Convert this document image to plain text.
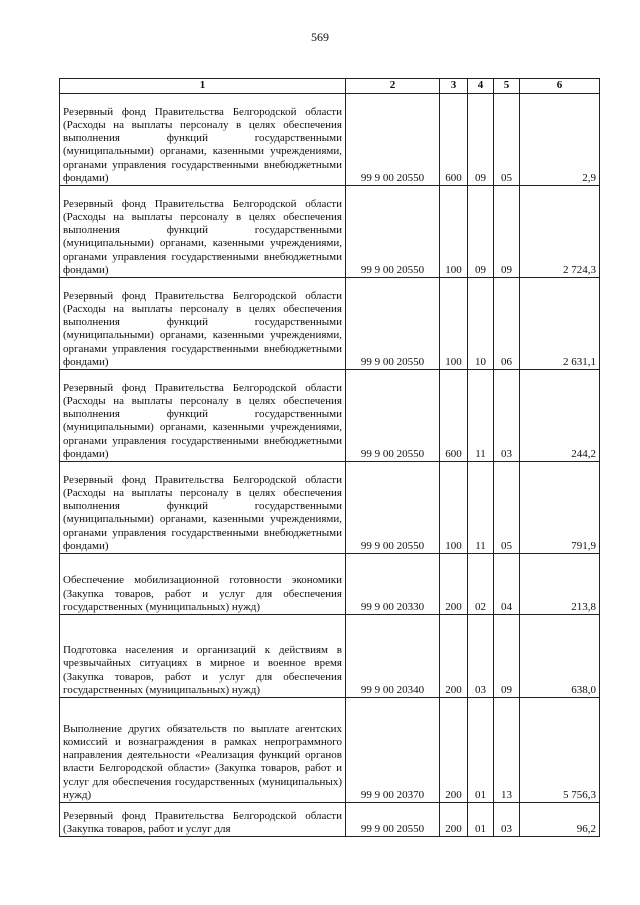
569
1	2	3	4	5	6

Резервный фонд Правительства Белгородской области (Расходы на выплаты персоналу в целях обеспечения выполнения функций государственными (муниципальными) органами, казенными учреждениями, органами управления государственными внебюджетными фондами)	99 9 00 20550	600	09	05	2,9

Резервный фонд Правительства Белгородской области (Расходы на выплаты персоналу в целях обеспечения выполнения функций государственными (муниципальными) органами, казенными учреждениями, органами управления государственными внебюджетными фондами)	99 9 00 20550	100	09	09	2 724,3

Резервный фонд Правительства Белгородской области (Расходы на выплаты персоналу в целях обеспечения выполнения функций государственными (муниципальными) органами, казенными учреждениями, органами управления государственными внебюджетными фондами)	99 9 00 20550	100	10	06	2 631,1

Резервный фонд Правительства Белгородской области (Расходы на выплаты персоналу в целях обеспечения выполнения функций государственными (муниципальными) органами, казенными учреждениями, органами управления государственными внебюджетными фондами)	99 9 00 20550	600	11	03	244,2

Резервный фонд Правительства Белгородской области (Расходы на выплаты персоналу в целях обеспечения выполнения функций государственными (муниципальными) органами, казенными учреждениями, органами управления государственными внебюджетными фондами)	99 9 00 20550	100	11	05	791,9

Обеспечение мобилизационной готовности экономики (Закупка товаров, работ и услуг для обеспечения государственных (муниципальных) нужд)	99 9 00 20330	200	02	04	213,8

Подготовка населения и организаций к действиям в чрезвычайных ситуациях в мирное и военное время (Закупка товаров, работ и услуг для обеспечения государственных (муниципальных) нужд)	99 9 00 20340	200	03	09	638,0

Выполнение других обязательств по выплате агентских комиссий и вознаграждения в рамках непрограммного направления деятельности «Реализация функций органов власти Белгородской области» (Закупка товаров, работ и услуг для обеспечения государственных (муниципальных) нужд)	99 9 00 20370	200	01	13	5 756,3

Резервный фонд Правительства Белгородской области (Закупка товаров, работ и услуг для	99 9 00 20550	200	01	03	96,2
